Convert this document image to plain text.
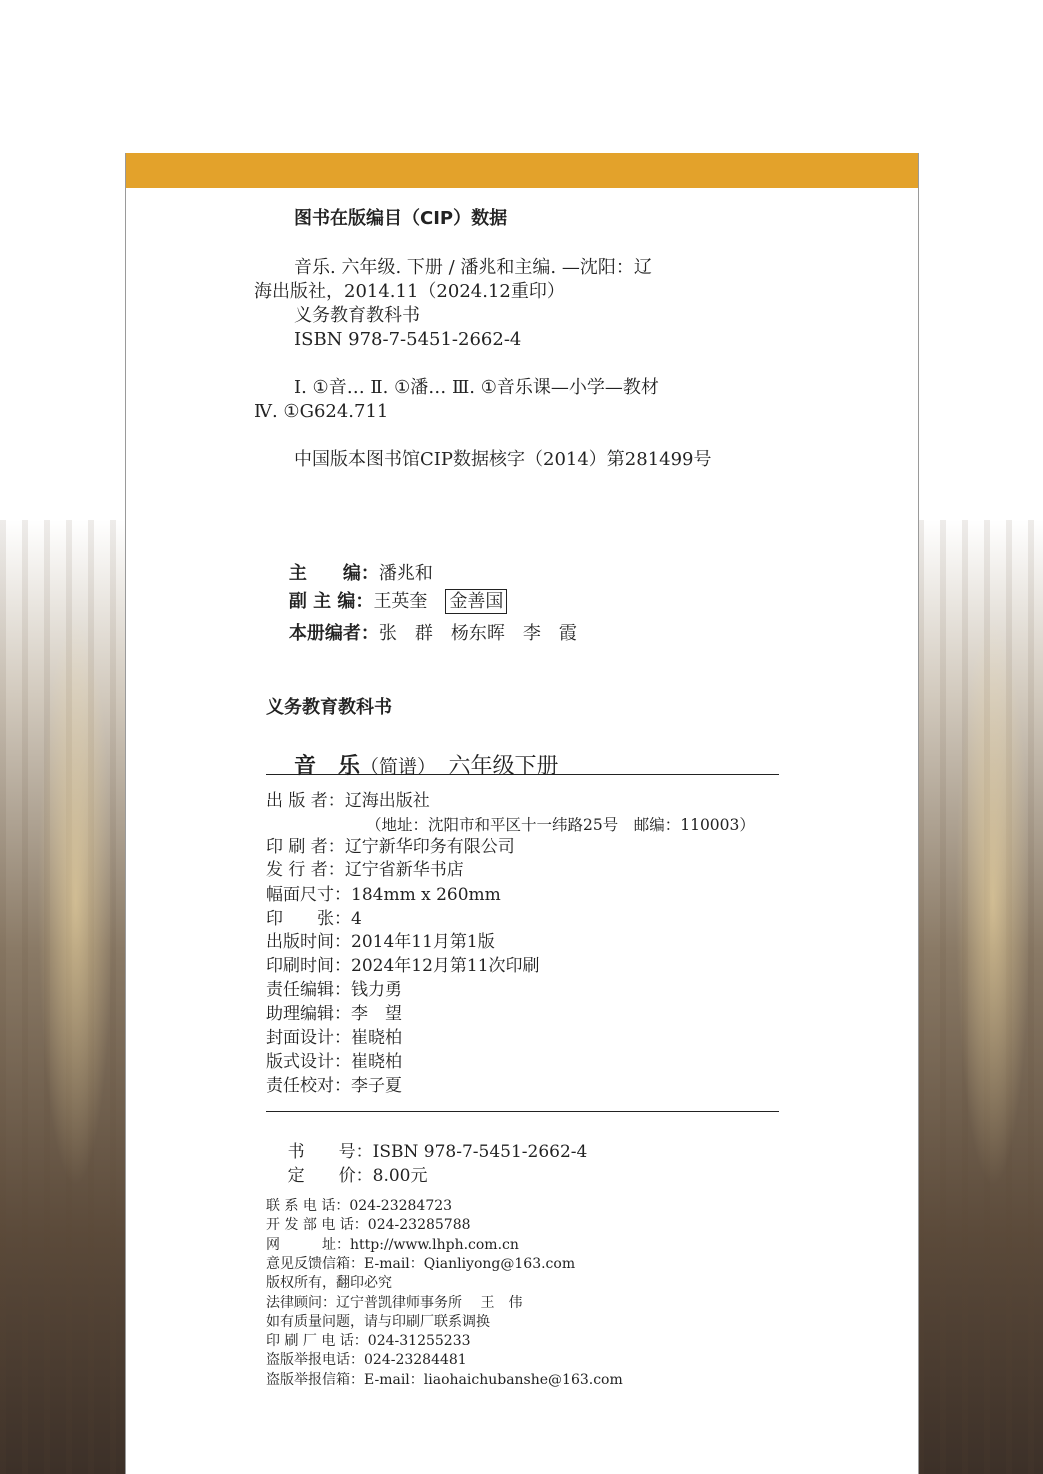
图书在版编目（CIP）数据
音乐. 六年级. 下册 / 潘兆和主编. —沈阳：辽
海出版社，2014.11（2024.12重印）
义务教育教科书
ISBN 978-7-5451-2662-4
Ⅰ. ①音… Ⅱ. ①潘… Ⅲ. ①音乐课—小学—教材
Ⅳ. ①G624.711
中国版本图书馆CIP数据核字（2014）第281499号

主　　编：潘兆和

副 主 编：王英奎　 金善国

本册编者：张　群　杨东晖　李　霞

义务教育教科书

音　乐（简谱）　 六年级下册

出 版 者：辽海出版社
（地址：沈阳市和平区十一纬路25号　邮编：110003）
印 刷 者：辽宁新华印务有限公司
发 行 者：辽宁省新华书店
幅面尺寸：184mm x 260mm
印　　张：4
出版时间：2014年11月第1版
印刷时间：2024年12月第11次印刷
责任编辑：钱力勇
助理编辑：李　望
封面设计：崔晓柏
版式设计：崔晓柏
责任校对：李子夏

书　　号：ISBN 978-7-5451-2662-4

定　　价：8.00元

联 系 电 话：024-23284723
开 发 部 电 话：024-23285788
网　　　址：http://www.lhph.com.cn
意见反馈信箱：E-mail：Qianliyong@163.com
版权所有，翻印必究
法律顾问：辽宁普凯律师事务所　 王　伟
如有质量问题，请与印刷厂联系调换
印 刷 厂 电 话：024-31255233
盗版举报电话：024-23284481
盗版举报信箱：E-mail：liaohaichubanshe@163.com
